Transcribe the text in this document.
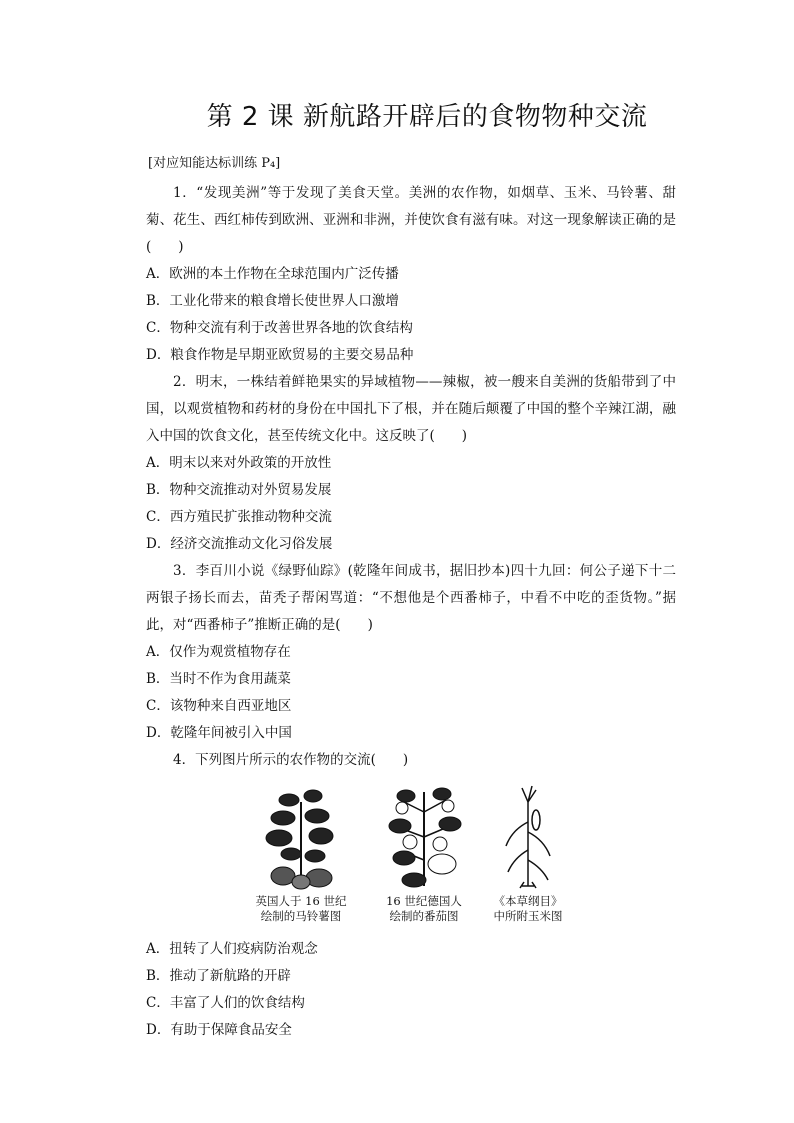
第 2 课 新航路开辟后的食物物种交流
[对应知能达标训练 P₄]

1．“发现美洲”等于发现了美食天堂。美洲的农作物，如烟草、玉米、马铃薯、甜菊、花生、西红柿传到欧洲、亚洲和非洲，并使饮食有滋有味。对这一现象解读正确的是(　　)

A．欧洲的本土作物在全球范围内广泛传播

B．工业化带来的粮食增长使世界人口激增

C．物种交流有利于改善世界各地的饮食结构

D．粮食作物是早期亚欧贸易的主要交易品种

2．明末，一株结着鲜艳果实的异域植物——辣椒，被一艘来自美洲的货船带到了中国，以观赏植物和药材的身份在中国扎下了根，并在随后颠覆了中国的整个辛辣江湖，融入中国的饮食文化，甚至传统文化中。这反映了(　　)

A．明末以来对外政策的开放性

B．物种交流推动对外贸易发展

C．西方殖民扩张推动物种交流

D．经济交流推动文化习俗发展

3．李百川小说《绿野仙踪》(乾隆年间成书，据旧抄本)四十九回：何公子递下十二两银子扬长而去，苗秃子帮闲骂道：“不想他是个西番柿子，中看不中吃的歪货物。”据此，对“西番柿子”推断正确的是(　　)

A．仅作为观赏植物存在

B．当时不作为食用蔬菜

C．该物种来自西亚地区

D．乾隆年间被引入中国

4．下列图片所示的农作物的交流(　　)

英国人于 16 世纪
绘制的马铃薯图
16 世纪德国人
绘制的番茄图
《本草纲目》
中所附玉米图

A．扭转了人们疫病防治观念

B．推动了新航路的开辟

C．丰富了人们的饮食结构

D．有助于保障食品安全
